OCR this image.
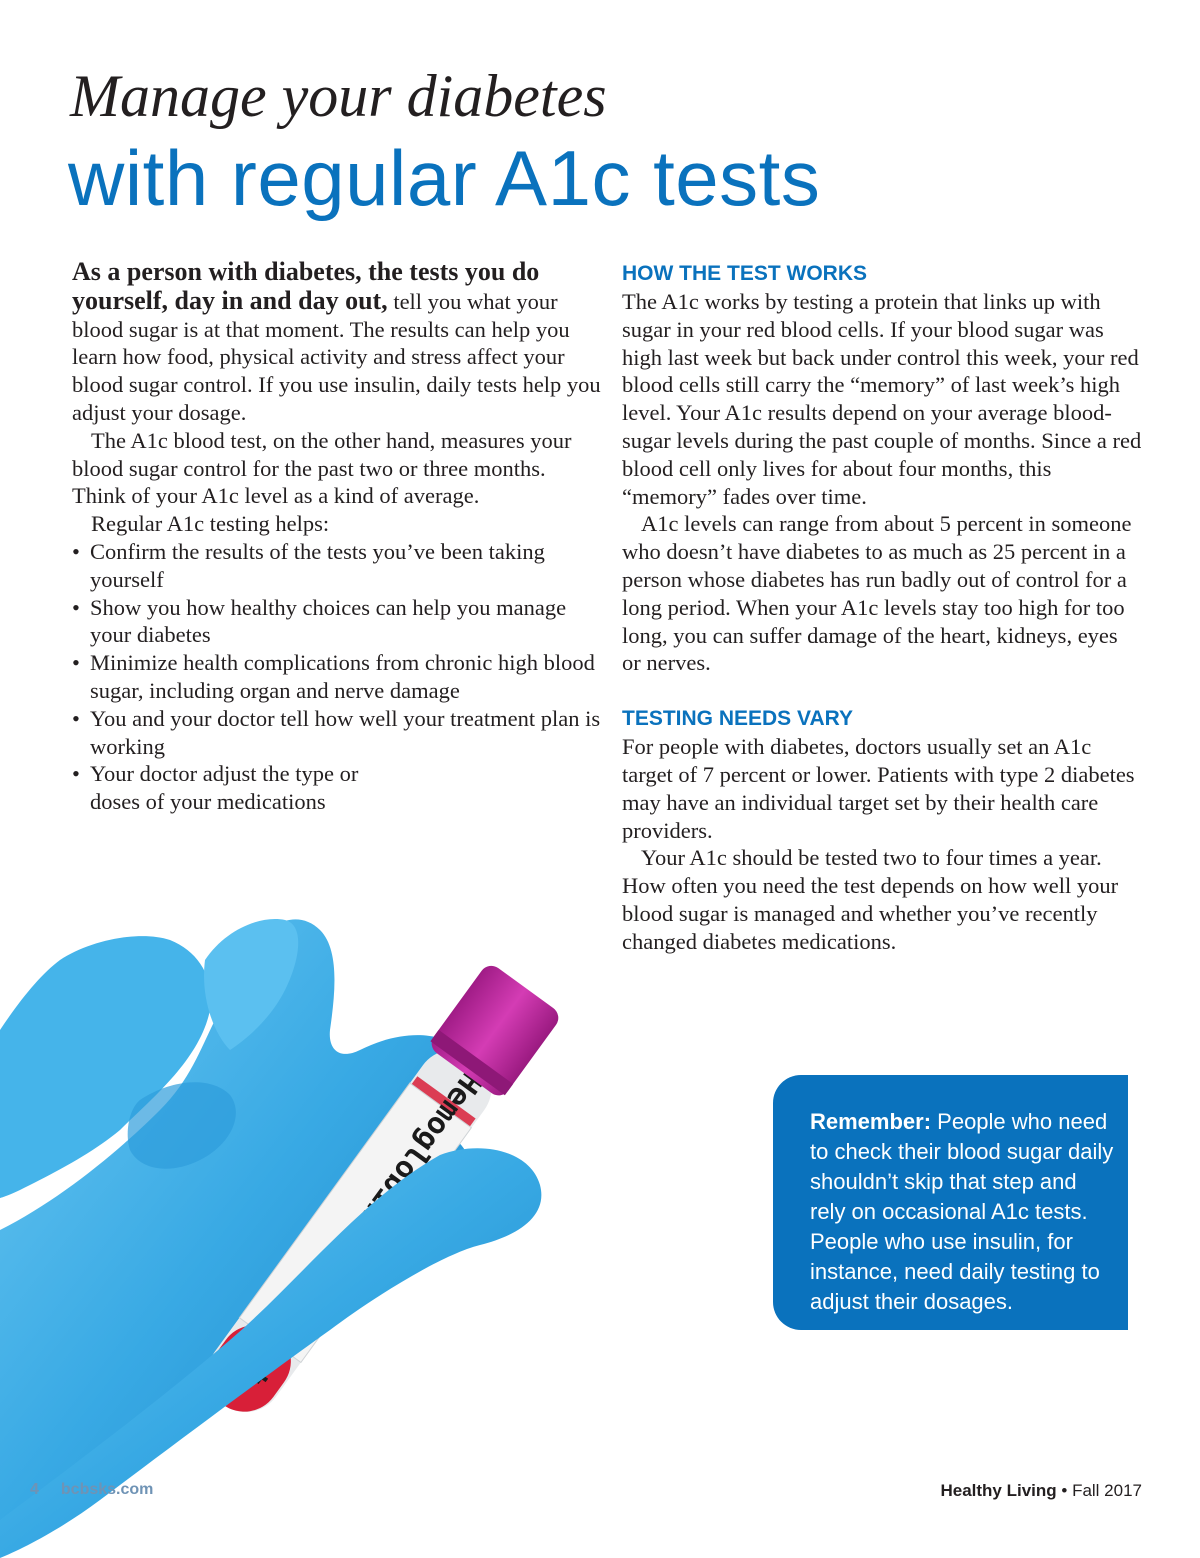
Manage your diabetes
with regular A1c tests

As a person with diabetes, the tests you do yourself, day in and day out, tell you what your blood sugar is at that moment. The results can help you learn how food, physical activity and stress affect your blood sugar control. If you use insulin, daily tests help you adjust your dosage.

The A1c blood test, on the other hand, measures your blood sugar control for the past two or three months. Think of your A1c level as a kind of average.

Regular A1c testing helps:

• Confirm the results of the tests you’ve been taking yourself
• Show you how healthy choices can help you manage your diabetes
• Minimize health complications from chronic high blood sugar, including organ and nerve damage
• You and your doctor tell how well your treatment plan is working
• Your doctor adjust the type or doses of your medications
HOW THE TEST WORKS

The A1c works by testing a protein that links up with sugar in your red blood cells. If your blood sugar was high last week but back under control this week, your red blood cells still carry the “memory” of last week’s high level. Your A1c results depend on your average blood-sugar levels during the past couple of months. Since a red blood cell only lives for about four months, this “memory” fades over time.

A1c levels can range from about 5 percent in someone who doesn’t have diabetes to as much as 25 percent in a person whose diabetes has run badly out of control for a long period. When your A1c levels stay too high for too long, you can suffer damage of the heart, kidneys, eyes or nerves.

TESTING NEEDS VARY

For people with diabetes, doctors usually set an A1c target of 7 percent or lower. Patients with type 2 diabetes may have an individual target set by their health care providers.

Your A1c should be tested two to four times a year. How often you need the test depends on how well your blood sugar is managed and whether you’ve recently changed diabetes medications.

Remember: People who need to check their blood sugar daily shouldn’t skip that step and rely on occasional A1c tests. People who use insulin, for instance, need daily testing to adjust their dosages.
4 bcbsks.com	Healthy Living • Fall 2017
